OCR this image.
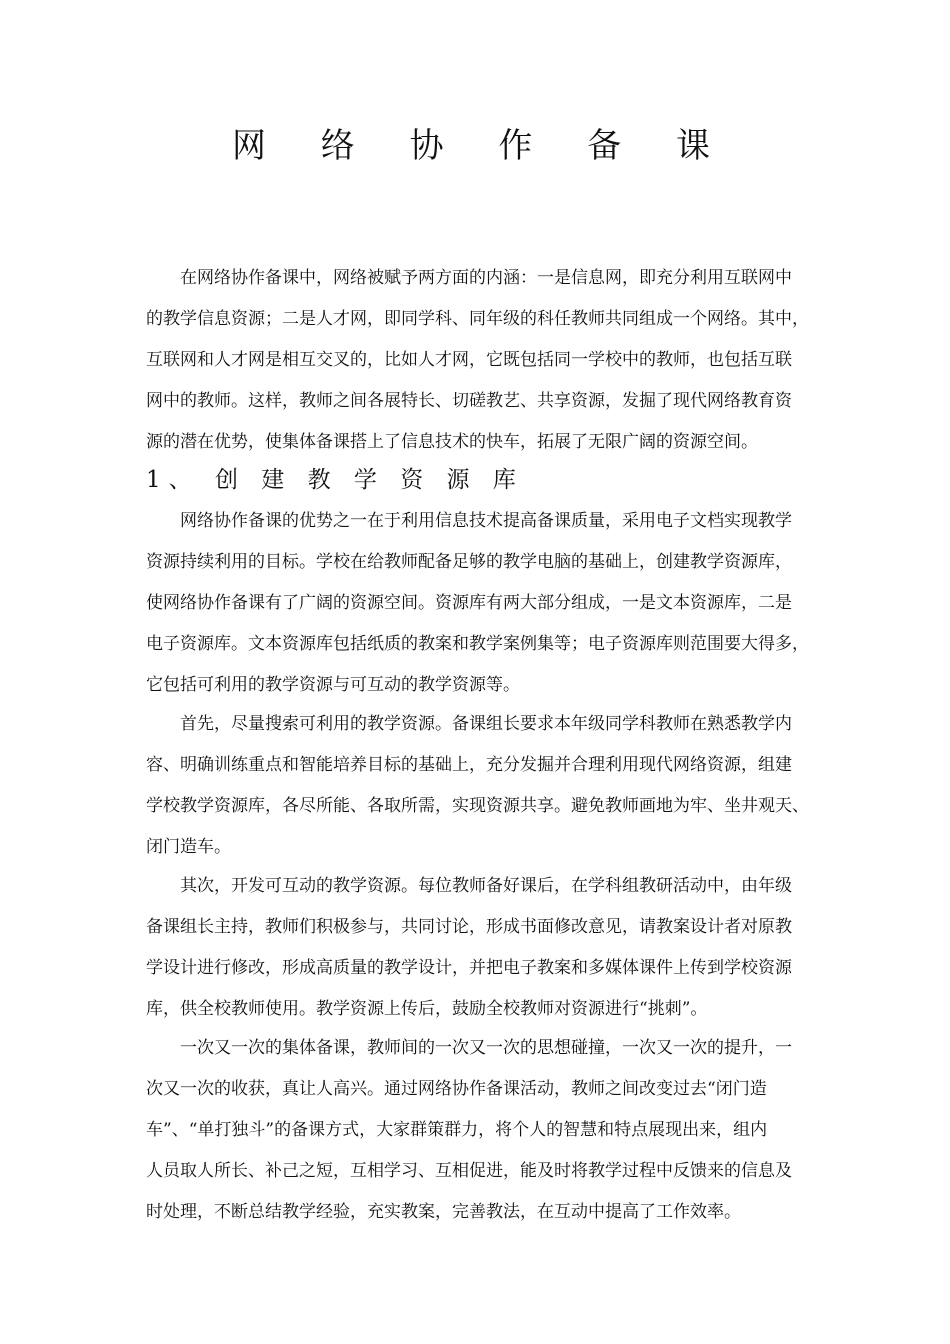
网 络 协 作 备 课
在网络协作备课中，网络被赋予两方面的内涵：一是信息网，即充分利用互联网中
的教学信息资源；二是人才网，即同学科、同年级的科任教师共同组成一个网络。其中，
互联网和人才网是相互交叉的，比如人才网，它既包括同一学校中的教师，也包括互联
网中的教师。这样，教师之间各展特长、切磋教艺、共享资源，发掘了现代网络教育资
源的潜在优势，使集体备课搭上了信息技术的快车，拓展了无限广阔的资源空间。
1、 创 建 教 学 资 源 库
网络协作备课的优势之一在于利用信息技术提高备课质量，采用电子文档实现教学
资源持续利用的目标。学校在给教师配备足够的教学电脑的基础上，创建教学资源库，
使网络协作备课有了广阔的资源空间。资源库有两大部分组成，一是文本资源库，二是
电子资源库。文本资源库包括纸质的教案和教学案例集等；电子资源库则范围要大得多，
它包括可利用的教学资源与可互动的教学资源等。
首先，尽量搜索可利用的教学资源。备课组长要求本年级同学科教师在熟悉教学内
容、明确训练重点和智能培养目标的基础上，充分发掘并合理利用现代网络资源，组建
学校教学资源库，各尽所能、各取所需，实现资源共享。避免教师画地为牢、坐井观天、
闭门造车。
其次，开发可互动的教学资源。每位教师备好课后，在学科组教研活动中，由年级
备课组长主持，教师们积极参与，共同讨论，形成书面修改意见，请教案设计者对原教
学设计进行修改，形成高质量的教学设计，并把电子教案和多媒体课件上传到学校资源
库，供全校教师使用。教学资源上传后，鼓励全校教师对资源进行“挑刺”。
一次又一次的集体备课，教师间的一次又一次的思想碰撞，一次又一次的提升，一
次又一次的收获，真让人高兴。通过网络协作备课活动，教师之间改变过去“闭门造
车”、“单打独斗”的备课方式，大家群策群力，将个人的智慧和特点展现出来，组内
人员取人所长、补己之短，互相学习、互相促进，能及时将教学过程中反馈来的信息及
时处理，不断总结教学经验，充实教案，完善教法，在互动中提高了工作效率。
